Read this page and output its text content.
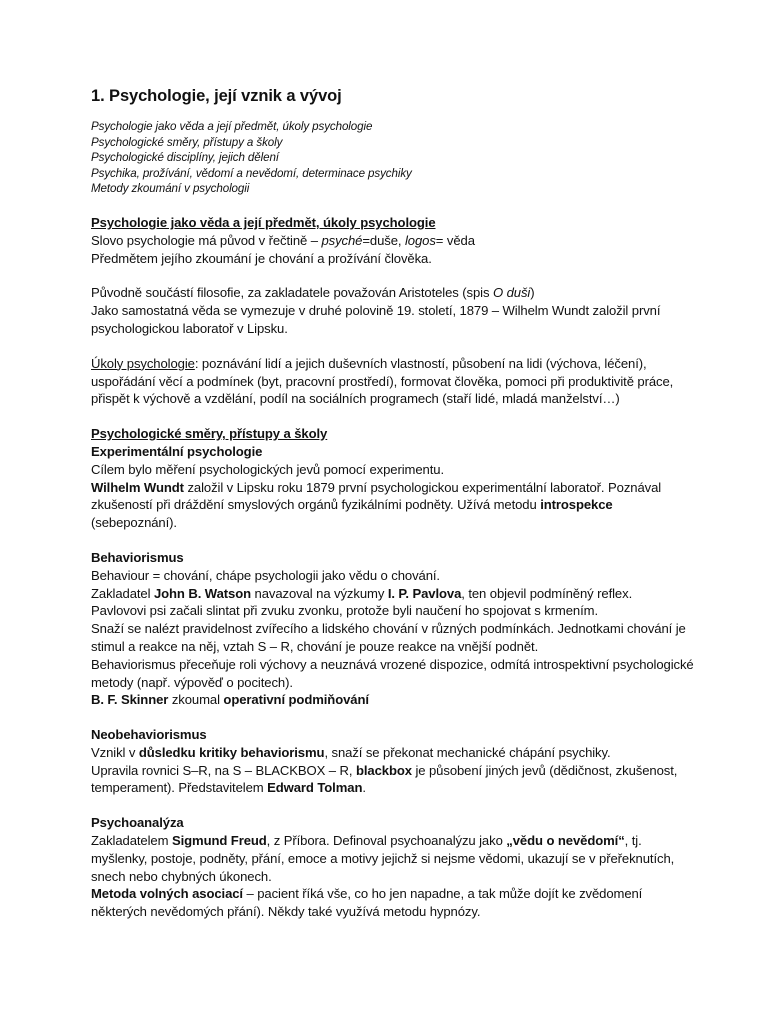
1. Psychologie, její vznik a vývoj
Psychologie jako věda a její předmět, úkoly psychologie
Psychologické směry, přístupy a školy
Psychologické disciplíny, jejich dělení
Psychika, prožívání, vědomí a nevědomí, determinace psychiky
Metody zkoumání v psychologii

Psychologie jako věda a její předmět, úkoly psychologie

Slovo psychologie má původ v řečtině – psyché=duše, logos= věda

Předmětem jejího zkoumání je chování a prožívání člověka.

Původně součástí filosofie, za zakladatele považován Aristoteles (spis O duši)

Jako samostatná věda se vymezuje v druhé polovině 19. století, 1879 – Wilhelm Wundt založil první psychologickou laboratoř v Lipsku.

Úkoly psychologie: poznávání lidí a jejich duševních vlastností, působení na lidi (výchova, léčení), uspořádání věcí a podmínek (byt, pracovní prostředí), formovat člověka, pomoci při produktivitě práce, přispět k výchově a vzdělání, podíl na sociálních programech (staří lidé, mladá manželství…)

Psychologické směry, přístupy a školy

Experimentální psychologie

Cílem bylo měření psychologických jevů pomocí experimentu.

Wilhelm Wundt založil v Lipsku roku 1879 první psychologickou experimentální laboratoř. Poznával zkušeností při dráždění smyslových orgánů fyzikálními podněty. Užívá metodu introspekce (sebepoznání).

Behaviorismus

Behaviour = chování, chápe psychologii jako vědu o chování.

Zakladatel John B. Watson navazoval na výzkumy I. P. Pavlova, ten objevil podmíněný reflex.

Pavlovovi psi začali slintat při zvuku zvonku, protože byli naučení ho spojovat s krmením.

Snaží se nalézt pravidelnost zvířecího a lidského chování v různých podmínkách. Jednotkami chování je stimul a reakce na něj, vztah S – R, chování je pouze reakce na vnější podnět.

Behaviorismus přeceňuje roli výchovy a neuznává vrozené dispozice, odmítá introspektivní psychologické metody (např. výpověď o pocitech).

B. F. Skinner zkoumal operativní podmiňování

Neobehaviorismus

Vznikl v důsledku kritiky behaviorismu, snaží se překonat mechanické chápání psychiky.

Upravila rovnici S–R, na S – BLACKBOX – R, blackbox je působení jiných jevů (dědičnost, zkušenost, temperament). Představitelem Edward Tolman.

Psychoanalýza

Zakladatelem Sigmund Freud, z Příbora. Definoval psychoanalýzu jako „vědu o nevědomí“, tj. myšlenky, postoje, podněty, přání, emoce a motivy jejichž si nejsme vědomi, ukazují se v přeřeknutích, snech nebo chybných úkonech.

Metoda volných asociací – pacient říká vše, co ho jen napadne, a tak může dojít ke zvědomení některých nevědomých přání). Někdy také využívá metodu hypnózy.
